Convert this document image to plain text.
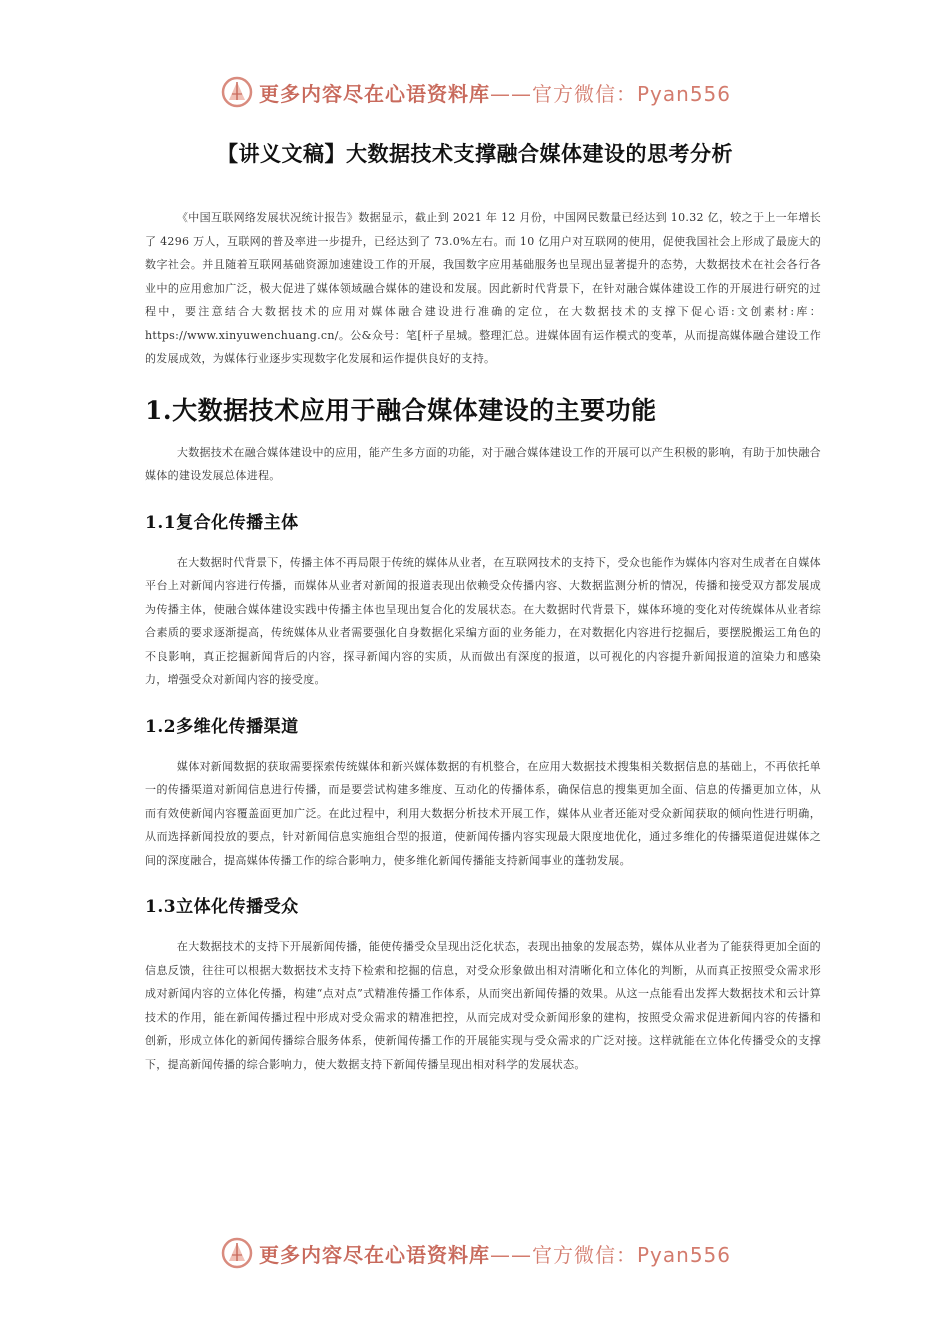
更多内容尽在心语资料库——官方微信：Pyan556
【讲义文稿】大数据技术支撑融合媒体建设的思考分析

《中国互联网络发展状况统计报告》数据显示，截止到 2021 年 12 月份，中国网民数量已经达到 10.32 亿，较之于上一年增长了 4296 万人，互联网的普及率进一步提升，已经达到了 73.0%左右。而 10 亿用户对互联网的使用，促使我国社会上形成了最庞大的数字社会。并且随着互联网基础资源加速建设工作的开展，我国数字应用基础服务也呈现出显著提升的态势，大数据技术在社会各行各业中的应用愈加广泛，极大促进了媒体领域融合媒体的建设和发展。因此新时代背景下，在针对融合媒体建设工作的开展进行研究的过程中，要注意结合大数据技术的应用对媒体融合建设进行准确的定位，在大数据技术的支撑下促心语:文创素材:库：https://www.xinyuwenchuang.cn/。公&众号：笔[杆子星城。整理汇总。进媒体固有运作模式的变革，从而提高媒体融合建设工作的发展成效，为媒体行业逐步实现数字化发展和运作提供良好的支持。

1.大数据技术应用于融合媒体建设的主要功能

大数据技术在融合媒体建设中的应用，能产生多方面的功能，对于融合媒体建设工作的开展可以产生积极的影响，有助于加快融合媒体的建设发展总体进程。

1.1复合化传播主体

在大数据时代背景下，传播主体不再局限于传统的媒体从业者，在互联网技术的支持下，受众也能作为媒体内容对生成者在自媒体平台上对新闻内容进行传播，而媒体从业者对新闻的报道表现出依赖受众传播内容、大数据监测分析的情况，传播和接受双方都发展成为传播主体，使融合媒体建设实践中传播主体也呈现出复合化的发展状态。在大数据时代背景下，媒体环境的变化对传统媒体从业者综合素质的要求逐渐提高，传统媒体从业者需要强化自身数据化采编方面的业务能力，在对数据化内容进行挖掘后，要摆脱搬运工角色的不良影响，真正挖掘新闻背后的内容，探寻新闻内容的实质，从而做出有深度的报道，以可视化的内容提升新闻报道的渲染力和感染力，增强受众对新闻内容的接受度。

1.2多维化传播渠道

媒体对新闻数据的获取需要探索传统媒体和新兴媒体数据的有机整合，在应用大数据技术搜集相关数据信息的基础上，不再依托单一的传播渠道对新闻信息进行传播，而是要尝试构建多维度、互动化的传播体系，确保信息的搜集更加全面、信息的传播更加立体，从而有效使新闻内容覆盖面更加广泛。在此过程中，利用大数据分析技术开展工作，媒体从业者还能对受众新闻获取的倾向性进行明确，从而选择新闻投放的要点，针对新闻信息实施组合型的报道，使新闻传播内容实现最大限度地优化，通过多维化的传播渠道促进媒体之间的深度融合，提高媒体传播工作的综合影响力，使多维化新闻传播能支持新闻事业的蓬勃发展。

1.3立体化传播受众

在大数据技术的支持下开展新闻传播，能使传播受众呈现出泛化状态，表现出抽象的发展态势，媒体从业者为了能获得更加全面的信息反馈，往往可以根据大数据技术支持下检索和挖掘的信息，对受众形象做出相对清晰化和立体化的判断，从而真正按照受众需求形成对新闻内容的立体化传播，构建“点对点”式精准传播工作体系，从而突出新闻传播的效果。从这一点能看出发挥大数据技术和云计算技术的作用，能在新闻传播过程中形成对受众需求的精准把控，从而完成对受众新闻形象的建构，按照受众需求促进新闻内容的传播和创新，形成立体化的新闻传播综合服务体系，使新闻传播工作的开展能实现与受众需求的广泛对接。这样就能在立体化传播受众的支撑下，提高新闻传播的综合影响力，使大数据支持下新闻传播呈现出相对科学的发展状态。

更多内容尽在心语资料库——官方微信：Pyan556
